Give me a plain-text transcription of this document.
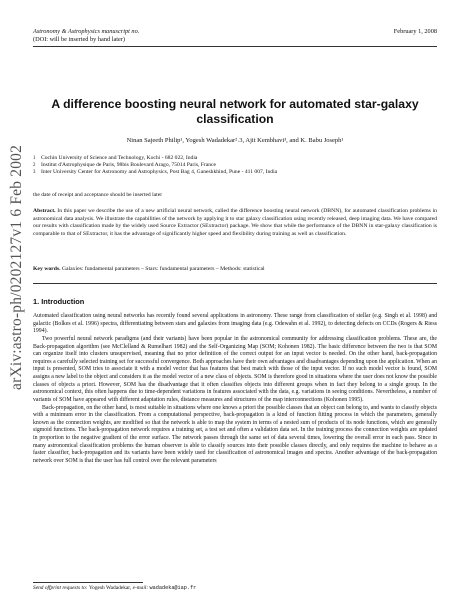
arXiv:astro-ph/0202127v1 6 Feb 2002
Astronomy & Astrophysics manuscript no.
(DOI: will be inserted by hand later)
February 1, 2008
A difference boosting neural network for automated star-galaxy
classification
Ninan Sajeeth Philip¹, Yogesh Wadadekar²˒3, Ajit Kembhavi³, and K. Babu Joseph¹
1 Cochin University of Science and Technology, Kochi - 682 022, India
2 Institut d'Astrophysique de Paris, 98bis Boulevard Arago, 75014 Paris, France
3 Inter University Center for Astronomy and Astrophysics, Post Bag 4, Ganeshkhind, Pune - 411 007, India
the date of receipt and acceptance should be inserted later
Abstract. In this paper we describe the use of a new artificial neural network, called the difference boosting neural network (DBNN), for automated classification problems in astronomical data analysis. We illustrate the capabilities of the network by applying it to star galaxy classification using recently released, deep imaging data. We have compared our results with classification made by the widely used Source Extractor (SExtractor) package. We show that while the performance of the DBNN in star-galaxy classification is comparable to that of SExtractor, it has the advantage of significantly higher speed and flexibility during training as well as classification.
Key words. Galaxies: fundamental parameters – Stars: fundamental parameters – Methods: statistical
1. Introduction

Automated classification using neural networks has recently found several applications in astronomy. These range from classification of stellar (e.g. Singh et al. 1998) and galactic (Bolkes et al. 1996) spectra, differentiating between stars and galaxies from imaging data (e.g. Odewahn et al. 1992), to detecting defects on CCDs (Rogers & Riess 1994).

Two powerful neural network paradigms (and their variants) have been popular in the astronomical community for addressing classification problems. These are, the Back-propagation algorithm (see McClelland & Rumelhart 1982) and the Self-Organizing Map (SOM; Kohonen 1982). The basic difference between the two is that SOM can organize itself into clusters unsupervised, meaning that no prior definition of the correct output for an input vector is needed. On the other hand, back-propagation requires a carefully selected training set for successful convergence. Both approaches have their own advantages and disadvantages depending upon the application. When an input is presented, SOM tries to associate it with a model vector that has features that best match with those of the input vector. If no such model vector is found, SOM assigns a new label to the object and considers it as the model vector of a new class of objects. SOM is therefore good in situations where the user does not know the possible classes of objects a priori. However, SOM has the disadvantage that it often classifies objects into different groups when in fact they belong to a single group. In the astronomical context, this often happens due to time-dependent variations in features associated with the data, e.g. variations in seeing conditions. Nevertheless, a number of variants of SOM have appeared with different adaptation rules, distance measures and structures of the map interconnections (Kohonen 1995).

Back-propagation, on the other hand, is most suitable in situations where one knows a priori the possible classes that an object can belong to, and wants to classify objects with a minimum error in the classification. From a computational perspective, back-propagation is a kind of function fitting process in which the parameters, generally known as the connection weights, are modified so that the network is able to map the system in terms of a nested sum of products of its node functions, which are generally sigmoid functions. The back-propagation network requires a training set, a test set and often a validation data set. In the training process the connection weights are updated in proportion to the negative gradient of the error surface. The network passes through the same set of data several times, lowering the overall error in each pass. Since in many astronomical classification problems the human observer is able to classify sources into their possible classes directly, and only requires the machine to behave as a faster classifier, back-propagation and its variants have been widely used for classification of astronomical images and spectra. Another advantage of the back-propagation network over SOM is that the user has full control over the relevant parameters

Send offprint requests to: Yogesh Wadadekar, e-mail: wadadeka@iap.fr
